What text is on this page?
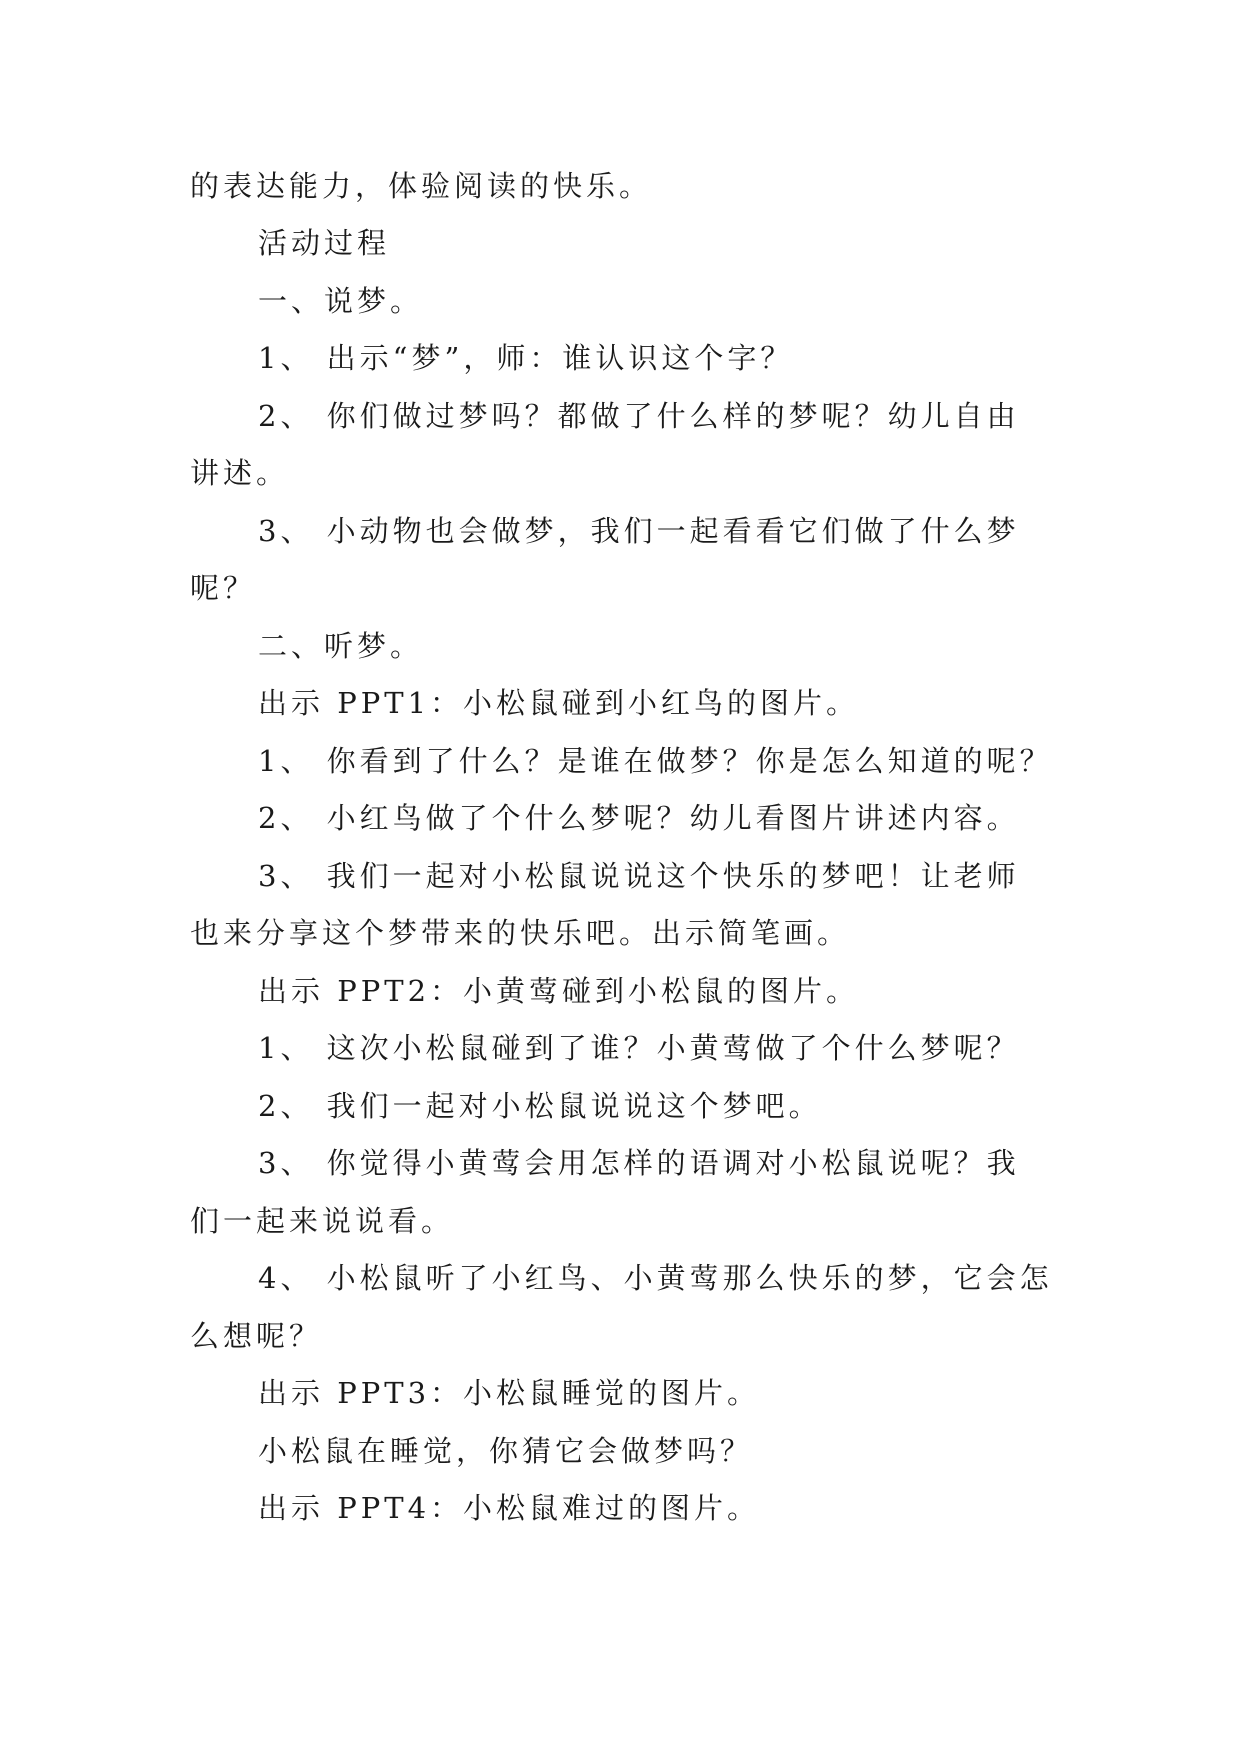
的表达能力，体验阅读的快乐。
活动过程
一、说梦。
1、 出示“梦”，师：谁认识这个字？
2、 你们做过梦吗？都做了什么样的梦呢？幼儿自由
讲述。
3、 小动物也会做梦，我们一起看看它们做了什么梦
呢？
二、听梦。
出示 PPT1：小松鼠碰到小红鸟的图片。
1、 你看到了什么？是谁在做梦？你是怎么知道的呢？
2、 小红鸟做了个什么梦呢？幼儿看图片讲述内容。
3、 我们一起对小松鼠说说这个快乐的梦吧！让老师
也来分享这个梦带来的快乐吧。出示简笔画。
出示 PPT2：小黄莺碰到小松鼠的图片。
1、 这次小松鼠碰到了谁？小黄莺做了个什么梦呢？
2、 我们一起对小松鼠说说这个梦吧。
3、 你觉得小黄莺会用怎样的语调对小松鼠说呢？我
们一起来说说看。
4、 小松鼠听了小红鸟、小黄莺那么快乐的梦，它会怎
么想呢？
出示 PPT3：小松鼠睡觉的图片。
小松鼠在睡觉，你猜它会做梦吗？
出示 PPT4：小松鼠难过的图片。
